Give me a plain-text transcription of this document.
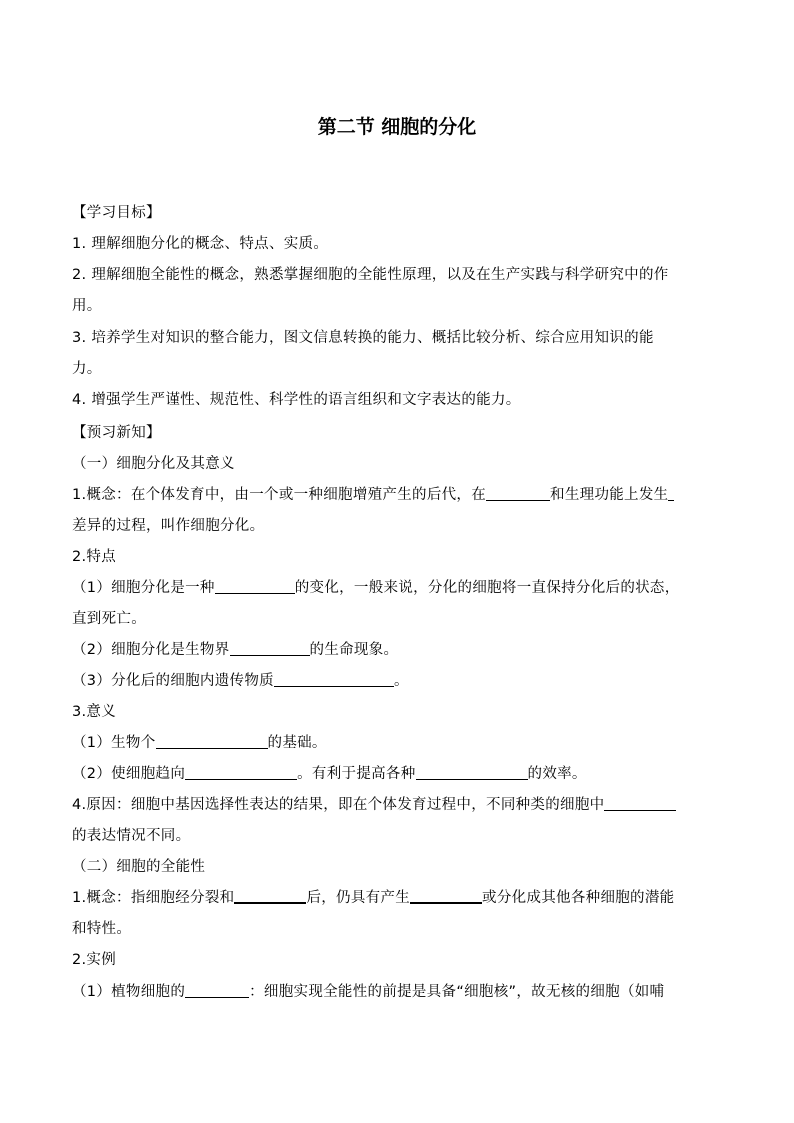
第二节 细胞的分化
【学习目标】
1. 理解细胞分化的概念、特点、实质。
2. 理解细胞全能性的概念，熟悉掌握细胞的全能性原理，以及在生产实践与科学研究中的作
用。
3. 培养学生对知识的整合能力，图文信息转换的能力、概括比较分析、综合应用知识的能
力。
4. 增强学生严谨性、规范性、科学性的语言组织和文字表达的能力。
【预习新知】
（一）细胞分化及其意义
1.概念：在个体发育中，由一个或一种细胞增殖产生的后代，在	和生理功能上发生
差异的过程，叫作细胞分化。
2.特点
（1）细胞分化是一种	的变化，一般来说，分化的细胞将一直保持分化后的状态，
直到死亡。
（2）细胞分化是生物界	的生命现象。
（3）分化后的细胞内遗传物质	。
3.意义
（1）生物个	的基础。
（2）使细胞趋向	。有利于提高各种	的效率。
4.原因：细胞中基因选择性表达的结果，即在个体发育过程中，不同种类的细胞中
的表达情况不同。
（二）细胞的全能性
1.概念：指细胞经分裂和	后，仍具有产生	或分化成其他各种细胞的潜能
和特性。
2.实例
（1）植物细胞的	：细胞实现全能性的前提是具备“细胞核”，故无核的细胞（如哺
